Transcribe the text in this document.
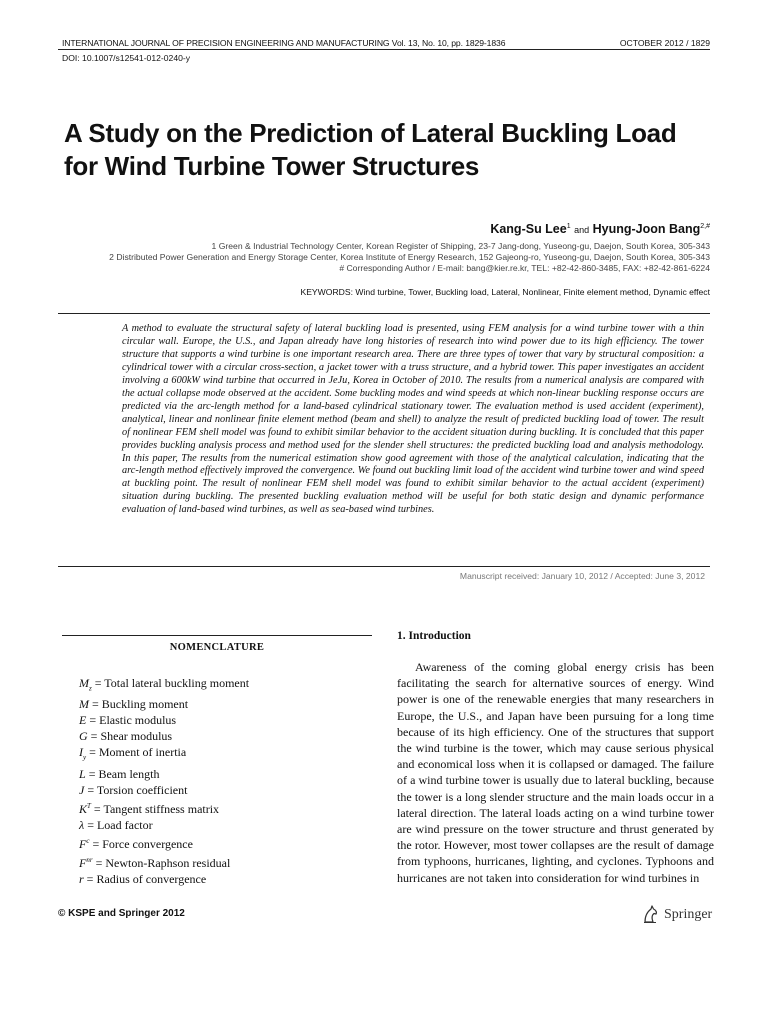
INTERNATIONAL JOURNAL OF PRECISION ENGINEERING AND MANUFACTURING Vol. 13, No. 10, pp. 1829-1836	OCTOBER 2012 / 1829
DOI: 10.1007/s12541-012-0240-y
A Study on the Prediction of Lateral Buckling Load for Wind Turbine Tower Structures
Kang-Su Lee$^1$ and Hyung-Joon Bang$^{2,\#}$
1 Green & Industrial Technology Center, Korean Register of Shipping, 23-7 Jang-dong, Yuseong-gu, Daejon, South Korea, 305-343
2 Distributed Power Generation and Energy Storage Center, Korea Institute of Energy Research, 152 Gajeong-ro, Yuseong-gu, Daejon, South Korea, 305-343
# Corresponding Author / E-mail: bang@kier.re.kr, TEL: +82-42-860-3485, FAX: +82-42-861-6224
KEYWORDS: Wind turbine, Tower, Buckling load, Lateral, Nonlinear, Finite element method, Dynamic effect
A method to evaluate the structural safety of lateral buckling load is presented, using FEM analysis for a wind turbine tower with a thin circular wall. Europe, the U.S., and Japan already have long histories of research into wind power due to its high efficiency. The tower structure that supports a wind turbine is one important research area. There are three types of tower that vary by structural composition: a cylindrical tower with a circular cross-section, a jacket tower with a truss structure, and a hybrid tower. This paper investigates an accident involving a 600kW wind turbine that occurred in JeJu, Korea in October of 2010. The results from a numerical analysis are compared with the actual collapse mode observed at the accident. Some buckling modes and wind speeds at which non-linear buckling response occurs are predicted via the arc-length method for a land-based cylindrical stationary tower. The evaluation method is used accident (experiment), analytical, linear and nonlinear finite element method (beam and shell) to analyze the result of predicted buckling load of tower. The result of nonlinear FEM shell model was found to exhibit similar behavior to the accident situation during buckling. It is concluded that this paper provides buckling analysis process and method used for the slender shell structures: the predicted buckling load and analysis methodology. In this paper, The results from the numerical estimation show good agreement with those of the analytical calculation, indicating that the arc-length method effectively improved the convergence. We found out buckling limit load of the accident wind turbine tower and wind speed at buckling point. The result of nonlinear FEM shell model was found to exhibit similar behavior to the actual accident (experiment) situation during buckling. The presented buckling evaluation method will be useful for both static design and dynamic performance evaluation of land-based wind turbines, as well as sea-based wind turbines.
Manuscript received: January 10, 2012 / Accepted: June 3, 2012
NOMENCLATURE
$M_z$ = Total lateral buckling moment
M = Buckling moment
E = Elastic modulus
G = Shear modulus
$I_y$ = Moment of inertia
L = Beam length
J = Torsion coefficient
$K^T$ = Tangent stiffness matrix
λ = Load factor
$F^c$ = Force convergence
$F^{nr}$ = Newton-Raphson residual
r = Radius of convergence
1. Introduction
Awareness of the coming global energy crisis has been facilitating the search for alternative sources of energy. Wind power is one of the renewable energies that many researchers in Europe, the U.S., and Japan have been pursuing for a long time because of its high efficiency. One of the structures that support the wind turbine is the tower, which may cause serious physical and economical loss when it is collapsed or damaged. The failure of a wind turbine tower is usually due to lateral buckling, because the tower is a long slender structure and the main loads occur in a lateral direction. The lateral loads acting on a wind turbine tower are wind pressure on the tower structure and thrust generated by the rotor. However, most tower collapses are the result of damage from typhoons, hurricanes, lighting, and cyclones. Typhoons and hurricanes are not taken into consideration for wind turbines in
© KSPE and Springer 2012	Springer
